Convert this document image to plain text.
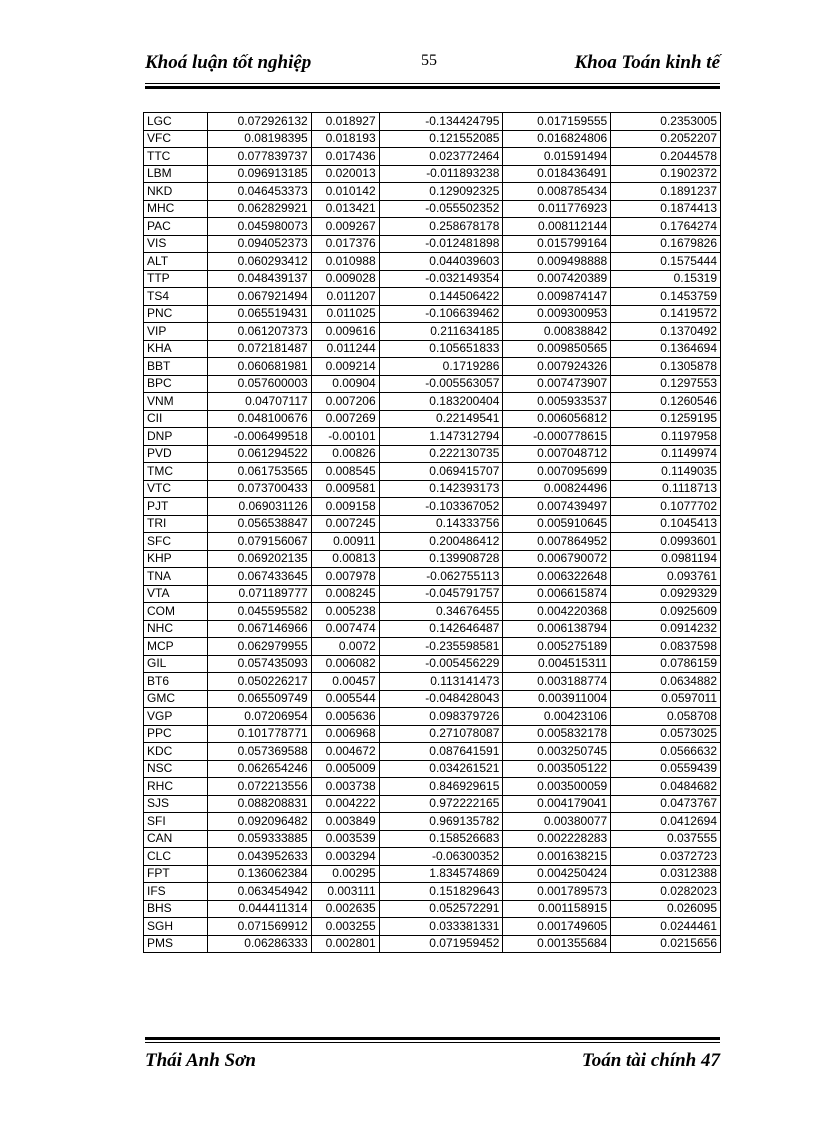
Khoá luận tốt nghiệp	55	Khoa Toán kinh tế
LGC	0.072926132	0.018927	-0.134424795	0.017159555	0.2353005
VFC	0.08198395	0.018193	0.121552085	0.016824806	0.2052207
TTC	0.077839737	0.017436	0.023772464	0.01591494	0.2044578
LBM	0.096913185	0.020013	-0.011893238	0.018436491	0.1902372
NKD	0.046453373	0.010142	0.129092325	0.008785434	0.1891237
MHC	0.062829921	0.013421	-0.055502352	0.011776923	0.1874413
PAC	0.045980073	0.009267	0.258678178	0.008112144	0.1764274
VIS	0.094052373	0.017376	-0.012481898	0.015799164	0.1679826
ALT	0.060293412	0.010988	0.044039603	0.009498888	0.1575444
TTP	0.048439137	0.009028	-0.032149354	0.007420389	0.15319
TS4	0.067921494	0.011207	0.144506422	0.009874147	0.1453759
PNC	0.065519431	0.011025	-0.106639462	0.009300953	0.1419572
VIP	0.061207373	0.009616	0.211634185	0.00838842	0.1370492
KHA	0.072181487	0.011244	0.105651833	0.009850565	0.1364694
BBT	0.060681981	0.009214	0.1719286	0.007924326	0.1305878
BPC	0.057600003	0.00904	-0.005563057	0.007473907	0.1297553
VNM	0.04707117	0.007206	0.183200404	0.005933537	0.1260546
CII	0.048100676	0.007269	0.22149541	0.006056812	0.1259195
DNP	-0.006499518	-0.00101	1.147312794	-0.000778615	0.1197958
PVD	0.061294522	0.00826	0.222130735	0.007048712	0.1149974
TMC	0.061753565	0.008545	0.069415707	0.007095699	0.1149035
VTC	0.073700433	0.009581	0.142393173	0.00824496	0.1118713
PJT	0.069031126	0.009158	-0.103367052	0.007439497	0.1077702
TRI	0.056538847	0.007245	0.14333756	0.005910645	0.1045413
SFC	0.079156067	0.00911	0.200486412	0.007864952	0.0993601
KHP	0.069202135	0.00813	0.139908728	0.006790072	0.0981194
TNA	0.067433645	0.007978	-0.062755113	0.006322648	0.093761
VTA	0.071189777	0.008245	-0.045791757	0.006615874	0.0929329
COM	0.045595582	0.005238	0.34676455	0.004220368	0.0925609
NHC	0.067146966	0.007474	0.142646487	0.006138794	0.0914232
MCP	0.062979955	0.0072	-0.235598581	0.005275189	0.0837598
GIL	0.057435093	0.006082	-0.005456229	0.004515311	0.0786159
BT6	0.050226217	0.00457	0.113141473	0.003188774	0.0634882
GMC	0.065509749	0.005544	-0.048428043	0.003911004	0.0597011
VGP	0.07206954	0.005636	0.098379726	0.00423106	0.058708
PPC	0.101778771	0.006968	0.271078087	0.005832178	0.0573025
KDC	0.057369588	0.004672	0.087641591	0.003250745	0.0566632
NSC	0.062654246	0.005009	0.034261521	0.003505122	0.0559439
RHC	0.072213556	0.003738	0.846929615	0.003500059	0.0484682
SJS	0.088208831	0.004222	0.972222165	0.004179041	0.0473767
SFI	0.092096482	0.003849	0.969135782	0.00380077	0.0412694
CAN	0.059333885	0.003539	0.158526683	0.002228283	0.037555
CLC	0.043952633	0.003294	-0.06300352	0.001638215	0.0372723
FPT	0.136062384	0.00295	1.834574869	0.004250424	0.0312388
IFS	0.063454942	0.003111	0.151829643	0.001789573	0.0282023
BHS	0.044411314	0.002635	0.052572291	0.001158915	0.026095
SGH	0.071569912	0.003255	0.033381331	0.001749605	0.0244461
PMS	0.06286333	0.002801	0.071959452	0.001355684	0.0215656
Thái Anh Sơn	Toán tài chính 47
